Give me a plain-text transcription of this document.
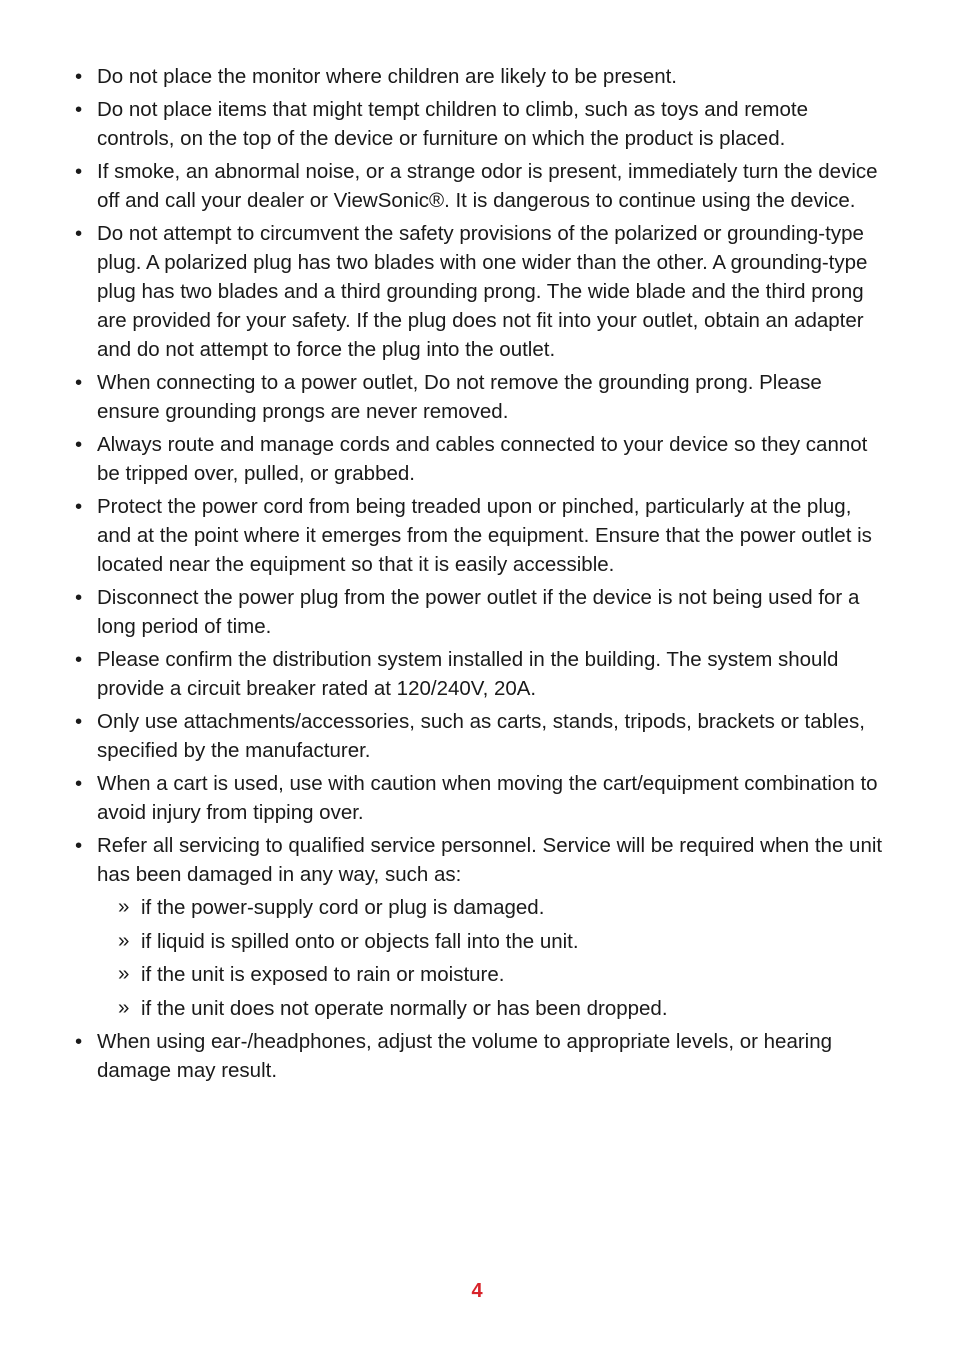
• Do not place the monitor where children are likely to be present.
• Do not place items that might tempt children to climb, such as toys and remote controls, on the top of the device or furniture on which the product is placed.
• If smoke, an abnormal noise, or a strange odor is present, immediately turn the device off and call your dealer or ViewSonic®. It is dangerous to continue using the device.
• Do not attempt to circumvent the safety provisions of the polarized or grounding-type plug. A polarized plug has two blades with one wider than the other. A grounding-type plug has two blades and a third grounding prong. The wide blade and the third prong are provided for your safety. If the plug does not fit into your outlet, obtain an adapter and do not attempt to force the plug into the outlet.
• When connecting to a power outlet, Do not remove the grounding prong. Please ensure grounding prongs are never removed.
• Always route and manage cords and cables connected to your device so they cannot be tripped over, pulled, or grabbed.
• Protect the power cord from being treaded upon or pinched, particularly at the plug, and at the point where it emerges from the equipment. Ensure that the power outlet is located near the equipment so that it is easily accessible.
• Disconnect the power plug from the power outlet if the device is not being used for a long period of time.
• Please confirm the distribution system installed in the building. The system should provide a circuit breaker rated at 120/240V, 20A.
• Only use attachments/accessories, such as carts, stands, tripods, brackets or tables, specified by the manufacturer.
• When a cart is used, use with caution when moving the cart/equipment combination to avoid injury from tipping over.
• Refer all servicing to qualified service personnel. Service will be required when the unit has been damaged in any way, such as:
» if the power-supply cord or plug is damaged.
» if liquid is spilled onto or objects fall into the unit.
» if the unit is exposed to rain or moisture.
» if the unit does not operate normally or has been dropped.
• When using ear-/headphones, adjust the volume to appropriate levels, or hearing damage may result.
4
